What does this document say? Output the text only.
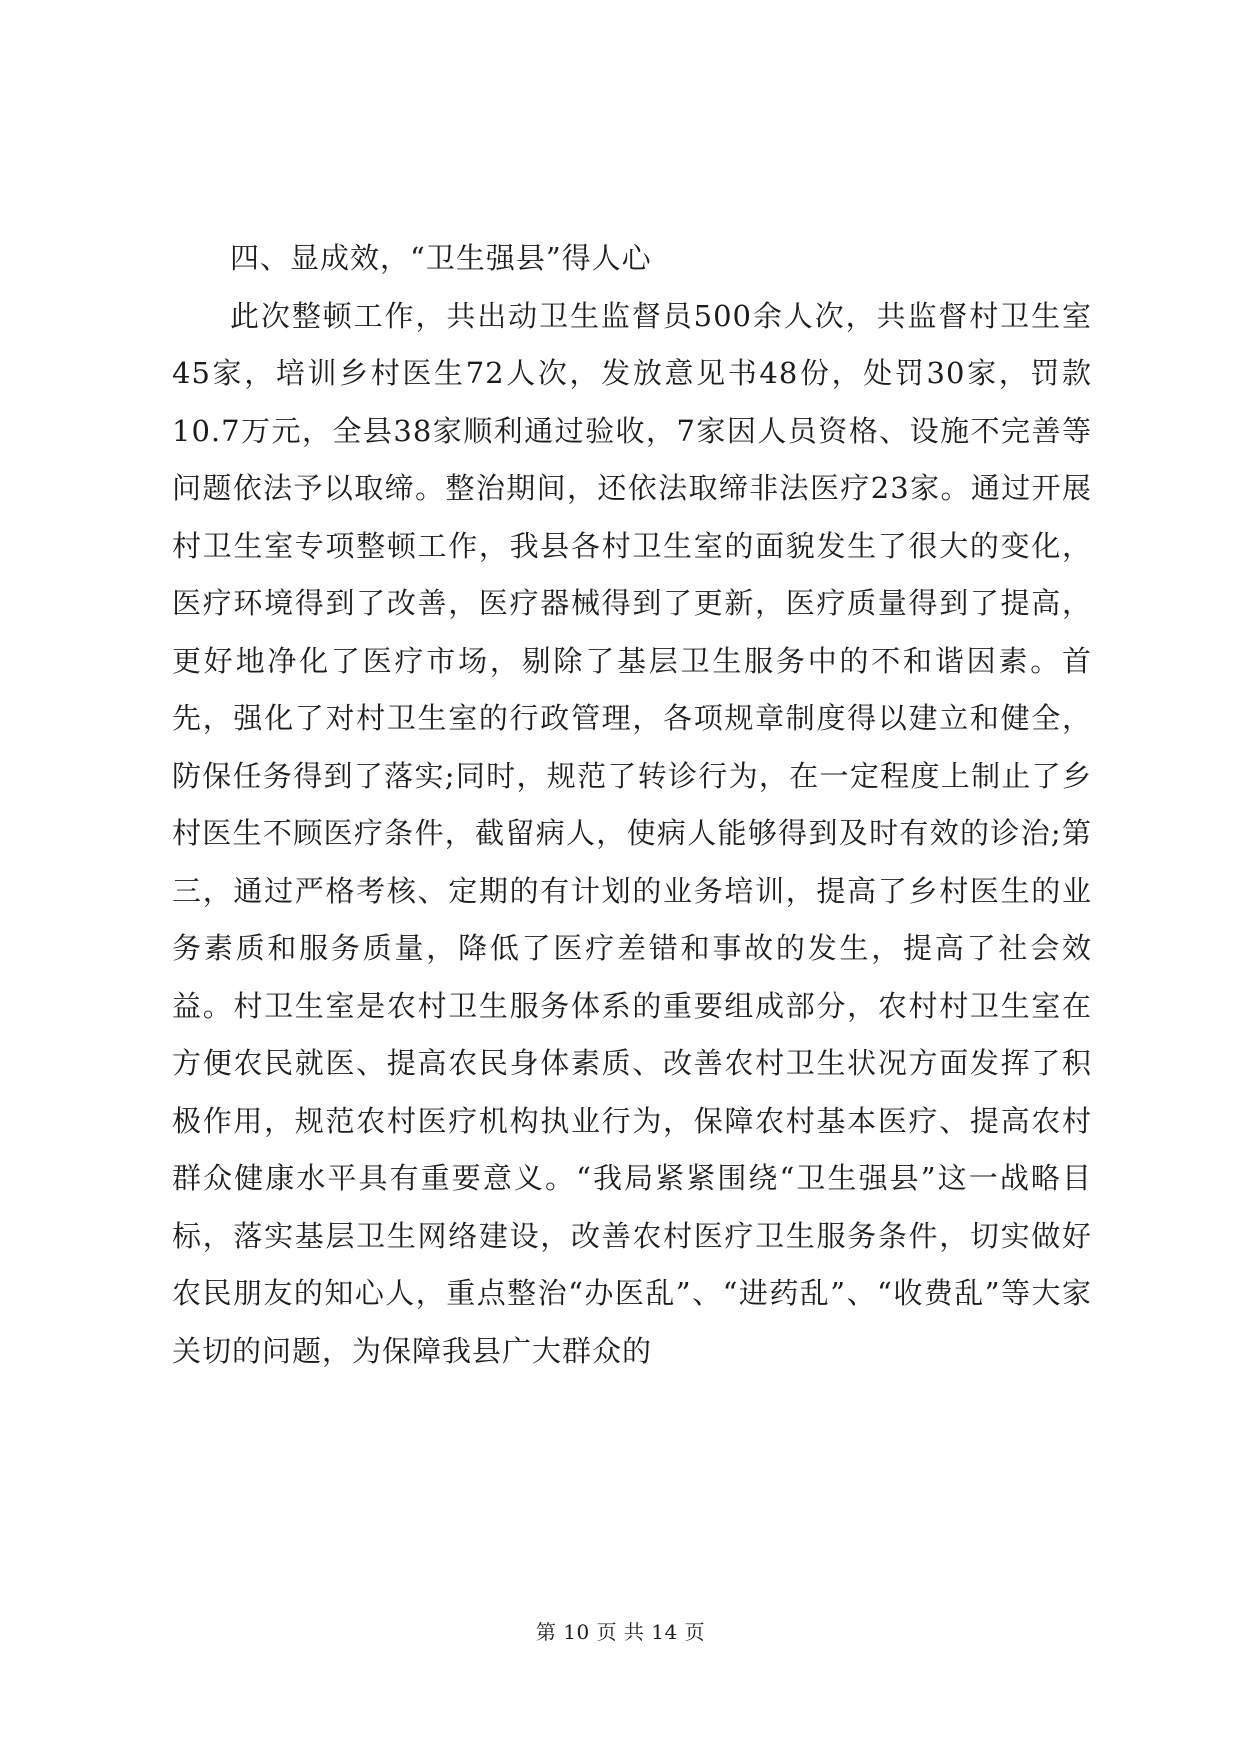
四、显成效，“卫生强县”得人心

此次整顿工作，共出动卫生监督员500余人次，共监督村卫生室45家，培训乡村医生72人次，发放意见书48份，处罚30家，罚款10.7万元，全县38家顺利通过验收，7家因人员资格、设施不完善等问题依法予以取缔。整治期间，还依法取缔非法医疗23家。通过开展村卫生室专项整顿工作，我县各村卫生室的面貌发生了很大的变化，医疗环境得到了改善，医疗器械得到了更新，医疗质量得到了提高，更好地净化了医疗市场，剔除了基层卫生服务中的不和谐因素。首先，强化了对村卫生室的行政管理，各项规章制度得以建立和健全，防保任务得到了落实;同时，规范了转诊行为，在一定程度上制止了乡村医生不顾医疗条件，截留病人，使病人能够得到及时有效的诊治;第三，通过严格考核、定期的有计划的业务培训，提高了乡村医生的业务素质和服务质量，降低了医疗差错和事故的发生，提高了社会效益。村卫生室是农村卫生服务体系的重要组成部分，农村村卫生室在方便农民就医、提高农民身体素质、改善农村卫生状况方面发挥了积极作用，规范农村医疗机构执业行为，保障农村基本医疗、提高农村群众健康水平具有重要意义。“我局紧紧围绕“卫生强县”这一战略目标，落实基层卫生网络建设，改善农村医疗卫生服务条件，切实做好农民朋友的知心人，重点整治“办医乱”、“进药乱”、“收费乱”等大家关切的问题，为保障我县广大群众的

第 10 页 共 14 页
